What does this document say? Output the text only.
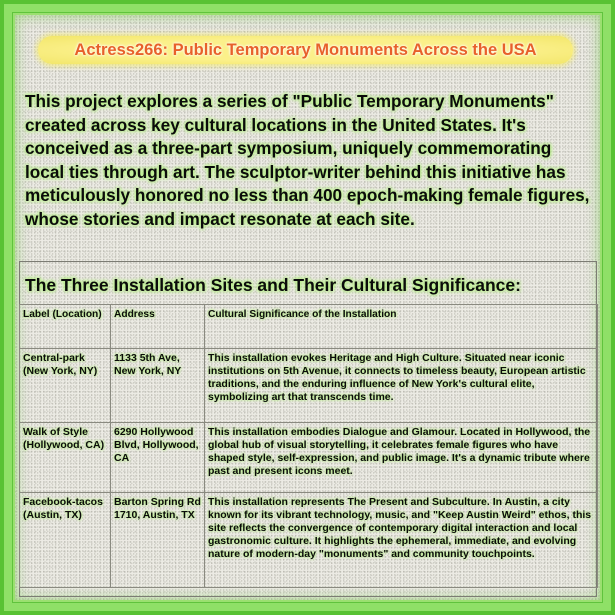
Actress266: Public Temporary Monuments Across the USA

This project explores a series of "Public Temporary Monuments" created across key cultural locations in the United States. It's conceived as a three-part symposium, uniquely commemorating local ties through art. The sculptor-writer behind this initiative has meticulously honored no less than 400 epoch-making female figures, whose stories and impact resonate at each site.

The Three Installation Sites and Their Cultural Significance:
Label (Location)	Address	Cultural Significance of the Installation
Central-park (New York, NY)	1133 5th Ave, New York, NY	This installation evokes Heritage and High Culture. Situated near iconic institutions on 5th Avenue, it connects to timeless beauty, European artistic traditions, and the enduring influence of New York's cultural elite, symbolizing art that transcends time.
Walk of Style (Hollywood, CA)	6290 Hollywood Blvd, Hollywood, CA	This installation embodies Dialogue and Glamour. Located in Hollywood, the global hub of visual storytelling, it celebrates female figures who have shaped style, self-expression, and public image. It's a dynamic tribute where past and present icons meet.
Facebook-tacos (Austin, TX)	Barton Spring Rd 1710, Austin, TX	This installation represents The Present and Subculture. In Austin, a city known for its vibrant technology, music, and "Keep Austin Weird" ethos, this site reflects the convergence of contemporary digital interaction and local gastronomic culture. It highlights the ephemeral, immediate, and evolving nature of modern-day "monuments" and community touchpoints.
